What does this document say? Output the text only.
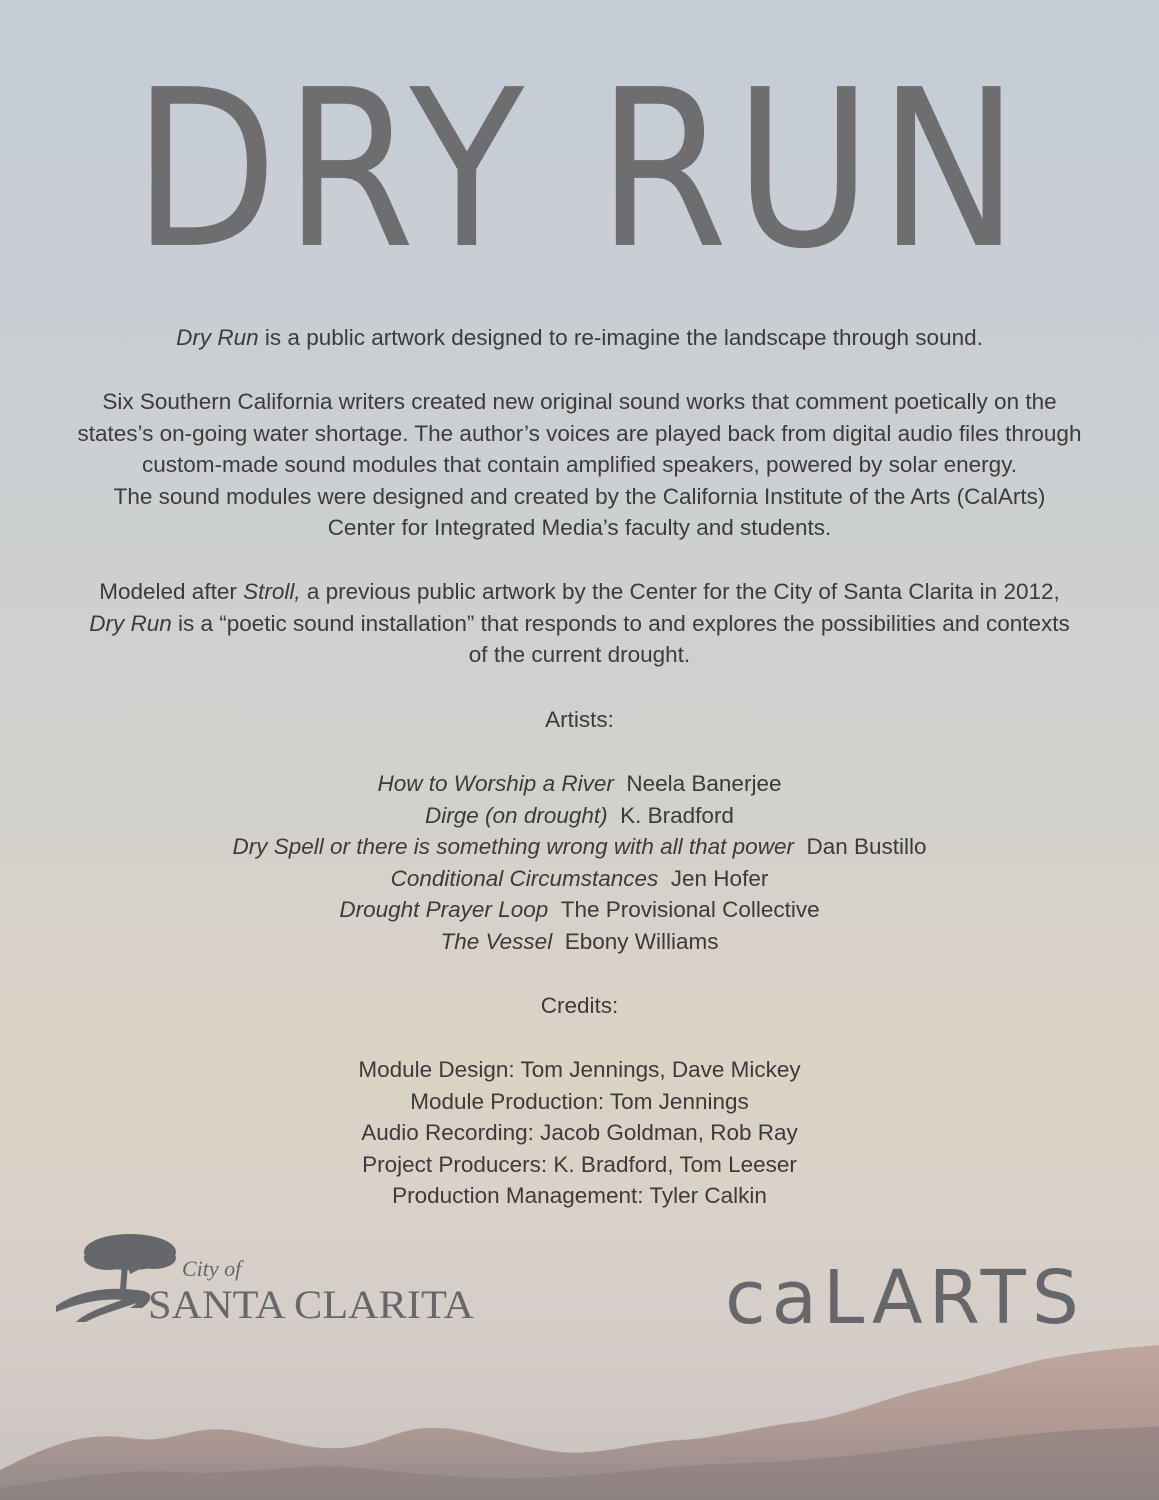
DRY RUN

Dry Run is a public artwork designed to re-imagine the landscape through sound.

Six Southern California writers created new original sound works that comment poetically on the

states’s on-going water shortage. The author’s voices are played back from digital audio files through

custom-made sound modules that contain amplified speakers, powered by solar energy.

The sound modules were designed and created by the California Institute of the Arts (CalArts)

Center for Integrated Media’s faculty and students.

Modeled after Stroll, a previous public artwork by the Center for the City of Santa Clarita in 2012,

Dry Run is a “poetic sound installation” that responds to and explores the possibilities and contexts

of the current drought.

Artists:

How to Worship a River Neela Banerjee

Dirge (on drought) K. Bradford

Dry Spell or there is something wrong with all that power Dan Bustillo

Conditional Circumstances Jen Hofer

Drought Prayer Loop The Provisional Collective

The Vessel Ebony Williams

Credits:

Module Design: Tom Jennings, Dave Mickey

Module Production: Tom Jennings

Audio Recording: Jacob Goldman, Rob Ray

Project Producers: K. Bradford, Tom Leeser

Production Management: Tyler Calkin

City of
SANTA CLARITA	caLARTS
